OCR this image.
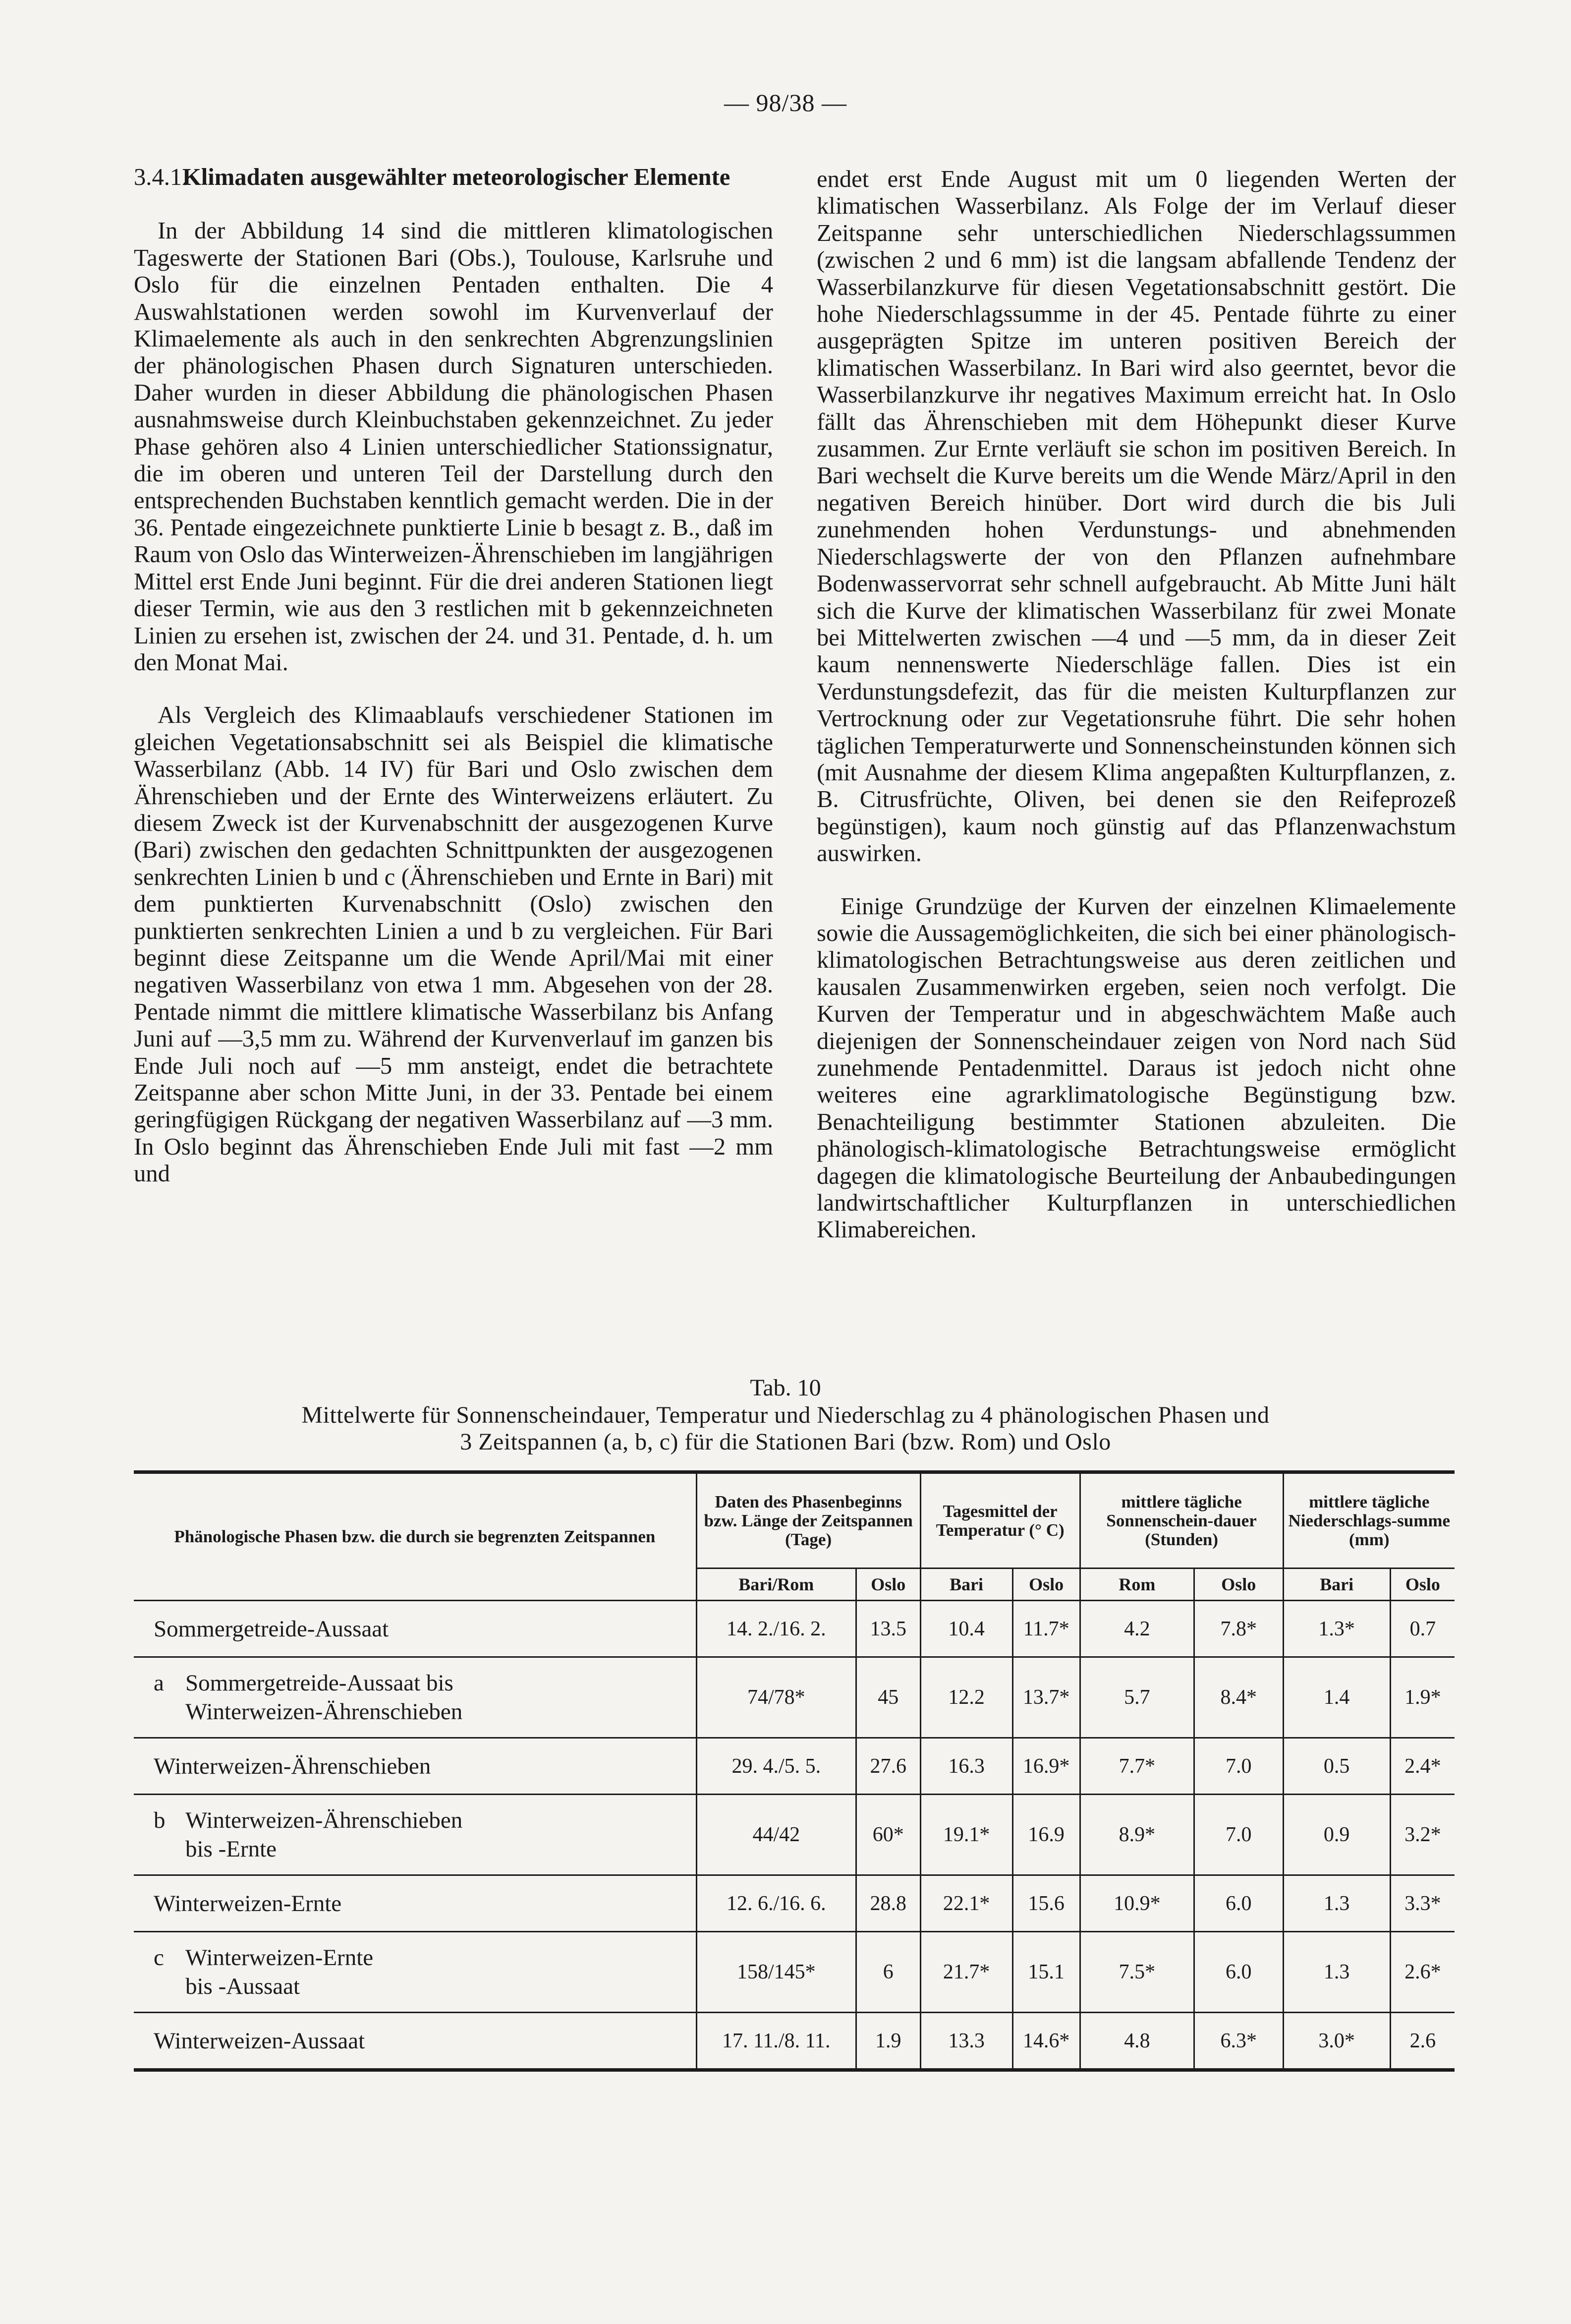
— 98/38 —
3.4.1.Klimadaten ausgewählter meteorologischer Elemente

In der Abbildung 14 sind die mittleren klimatologischen Tageswerte der Stationen Bari (Obs.), Toulouse, Karlsruhe und Oslo für die einzelnen Pentaden enthalten. Die 4 Auswahlstationen werden sowohl im Kurvenverlauf der Klimaelemente als auch in den senkrechten Abgrenzungslinien der phänologischen Phasen durch Signaturen unterschieden. Daher wurden in dieser Abbildung die phänologischen Phasen ausnahmsweise durch Kleinbuchstaben gekennzeichnet. Zu jeder Phase gehören also 4 Linien unterschiedlicher Stationssignatur, die im oberen und unteren Teil der Darstellung durch den entsprechenden Buchstaben kenntlich gemacht werden. Die in der 36. Pentade eingezeichnete punktierte Linie b besagt z. B., daß im Raum von Oslo das Winterweizen-Ährenschieben im langjährigen Mittel erst Ende Juni beginnt. Für die drei anderen Stationen liegt dieser Termin, wie aus den 3 restlichen mit b gekennzeichneten Linien zu ersehen ist, zwischen der 24. und 31. Pentade, d. h. um den Monat Mai.

Als Vergleich des Klimaablaufs verschiedener Stationen im gleichen Vegetationsabschnitt sei als Beispiel die klimatische Wasserbilanz (Abb. 14 IV) für Bari und Oslo zwischen dem Ährenschieben und der Ernte des Winterweizens erläutert. Zu diesem Zweck ist der Kurvenabschnitt der ausgezogenen Kurve (Bari) zwischen den gedachten Schnittpunkten der ausgezogenen senkrechten Linien b und c (Ährenschieben und Ernte in Bari) mit dem punktierten Kurvenabschnitt (Oslo) zwischen den punktierten senkrechten Linien a und b zu vergleichen. Für Bari beginnt diese Zeitspanne um die Wende April/Mai mit einer negativen Wasserbilanz von etwa 1 mm. Abgesehen von der 28. Pentade nimmt die mittlere klimatische Wasserbilanz bis Anfang Juni auf —3,5 mm zu. Während der Kurvenverlauf im ganzen bis Ende Juli noch auf —5 mm ansteigt, endet die betrachtete Zeitspanne aber schon Mitte Juni, in der 33. Pentade bei einem geringfügigen Rückgang der negativen Wasserbilanz auf —3 mm. In Oslo beginnt das Ährenschieben Ende Juli mit fast —2 mm und

endet erst Ende August mit um 0 liegenden Werten der klimatischen Wasserbilanz. Als Folge der im Verlauf dieser Zeitspanne sehr unterschiedlichen Niederschlagssummen (zwischen 2 und 6 mm) ist die langsam abfallende Tendenz der Wasserbilanzkurve für diesen Vegetationsabschnitt gestört. Die hohe Niederschlagssumme in der 45. Pentade führte zu einer ausgeprägten Spitze im unteren positiven Bereich der klimatischen Wasserbilanz. In Bari wird also geerntet, bevor die Wasserbilanzkurve ihr negatives Maximum erreicht hat. In Oslo fällt das Ährenschieben mit dem Höhepunkt dieser Kurve zusammen. Zur Ernte verläuft sie schon im positiven Bereich. In Bari wechselt die Kurve bereits um die Wende März/April in den negativen Bereich hinüber. Dort wird durch die bis Juli zunehmenden hohen Verdunstungs- und abnehmenden Niederschlagswerte der von den Pflanzen aufnehmbare Bodenwasservorrat sehr schnell aufgebraucht. Ab Mitte Juni hält sich die Kurve der klimatischen Wasserbilanz für zwei Monate bei Mittelwerten zwischen —4 und —5 mm, da in dieser Zeit kaum nennenswerte Niederschläge fallen. Dies ist ein Verdunstungsdefezit, das für die meisten Kulturpflanzen zur Vertrocknung oder zur Vegetationsruhe führt. Die sehr hohen täglichen Temperaturwerte und Sonnenscheinstunden können sich (mit Ausnahme der diesem Klima angepaßten Kulturpflanzen, z. B. Citrusfrüchte, Oliven, bei denen sie den Reifeprozeß begünstigen), kaum noch günstig auf das Pflanzenwachstum auswirken.

Einige Grundzüge der Kurven der einzelnen Klimaelemente sowie die Aussagemöglichkeiten, die sich bei einer phänologisch-klimatologischen Betrachtungsweise aus deren zeitlichen und kausalen Zusammenwirken ergeben, seien noch verfolgt. Die Kurven der Temperatur und in abgeschwächtem Maße auch diejenigen der Sonnenscheindauer zeigen von Nord nach Süd zunehmende Pentadenmittel. Daraus ist jedoch nicht ohne weiteres eine agrarklimatologische Begünstigung bzw. Benachteiligung bestimmter Stationen abzuleiten. Die phänologisch-klimatologische Betrachtungsweise ermöglicht dagegen die klimatologische Beurteilung der Anbaubedingungen landwirtschaftlicher Kulturpflanzen in unterschiedlichen Klimabereichen.

Tab. 10
Mittelwerte für Sonnenscheindauer, Temperatur und Niederschlag zu 4 phänologischen Phasen und
3 Zeitspannen (a, b, c) für die Stationen Bari (bzw. Rom) und Oslo
Phänologische Phasen bzw. die durch sie begrenzten Zeitspannen	Daten des Phasenbeginns bzw. Länge der Zeitspannen (Tage)		Tagesmittel der Temperatur (° C)		mittlere tägliche Sonnenschein-dauer (Stunden)		mittlere tägliche Niederschlags-summe (mm)	
	Bari/Rom	Oslo	Bari	Oslo	Rom	Oslo	Bari	Oslo
Sommergetreide-Aussaat	14. 2./16. 2.	13.5	10.4	11.7*	4.2	7.8*	1.3*	0.7

a Sommergetreide-Aussaat bis
Winterweizen-Ährenschieben	74/78*	45	12.2	13.7*	5.7	8.4*	1.4	1.9*
Winterweizen-Ährenschieben	29. 4./5. 5.	27.6	16.3	16.9*	7.7*	7.0	0.5	2.4*

b Winterweizen-Ährenschieben
bis -Ernte	44/42	60*	19.1*	16.9	8.9*	7.0	0.9	3.2*
Winterweizen-Ernte	12. 6./16. 6.	28.8	22.1*	15.6	10.9*	6.0	1.3	3.3*

c Winterweizen-Ernte
bis -Aussaat	158/145*	6	21.7*	15.1	7.5*	6.0	1.3	2.6*
Winterweizen-Aussaat	17. 11./8. 11.	1.9	13.3	14.6*	4.8	6.3*	3.0*	2.6
